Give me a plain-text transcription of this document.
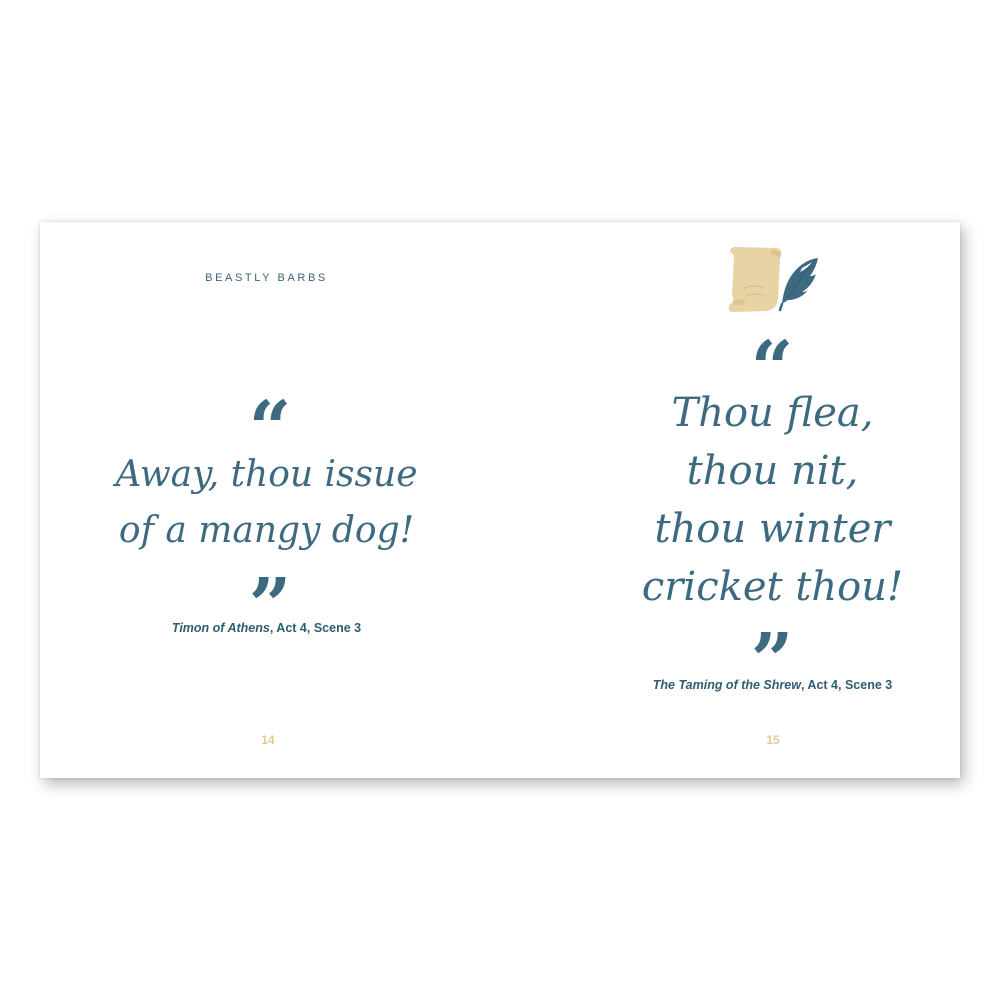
BEASTLY BARBS
“

Away, thou issue
of a mangy dog!

”
Timon of Athens, Act 4, Scene 3
14
“

Thou flea,
thou nit,
thou winter
cricket thou!

”
The Taming of the Shrew, Act 4, Scene 3
15
